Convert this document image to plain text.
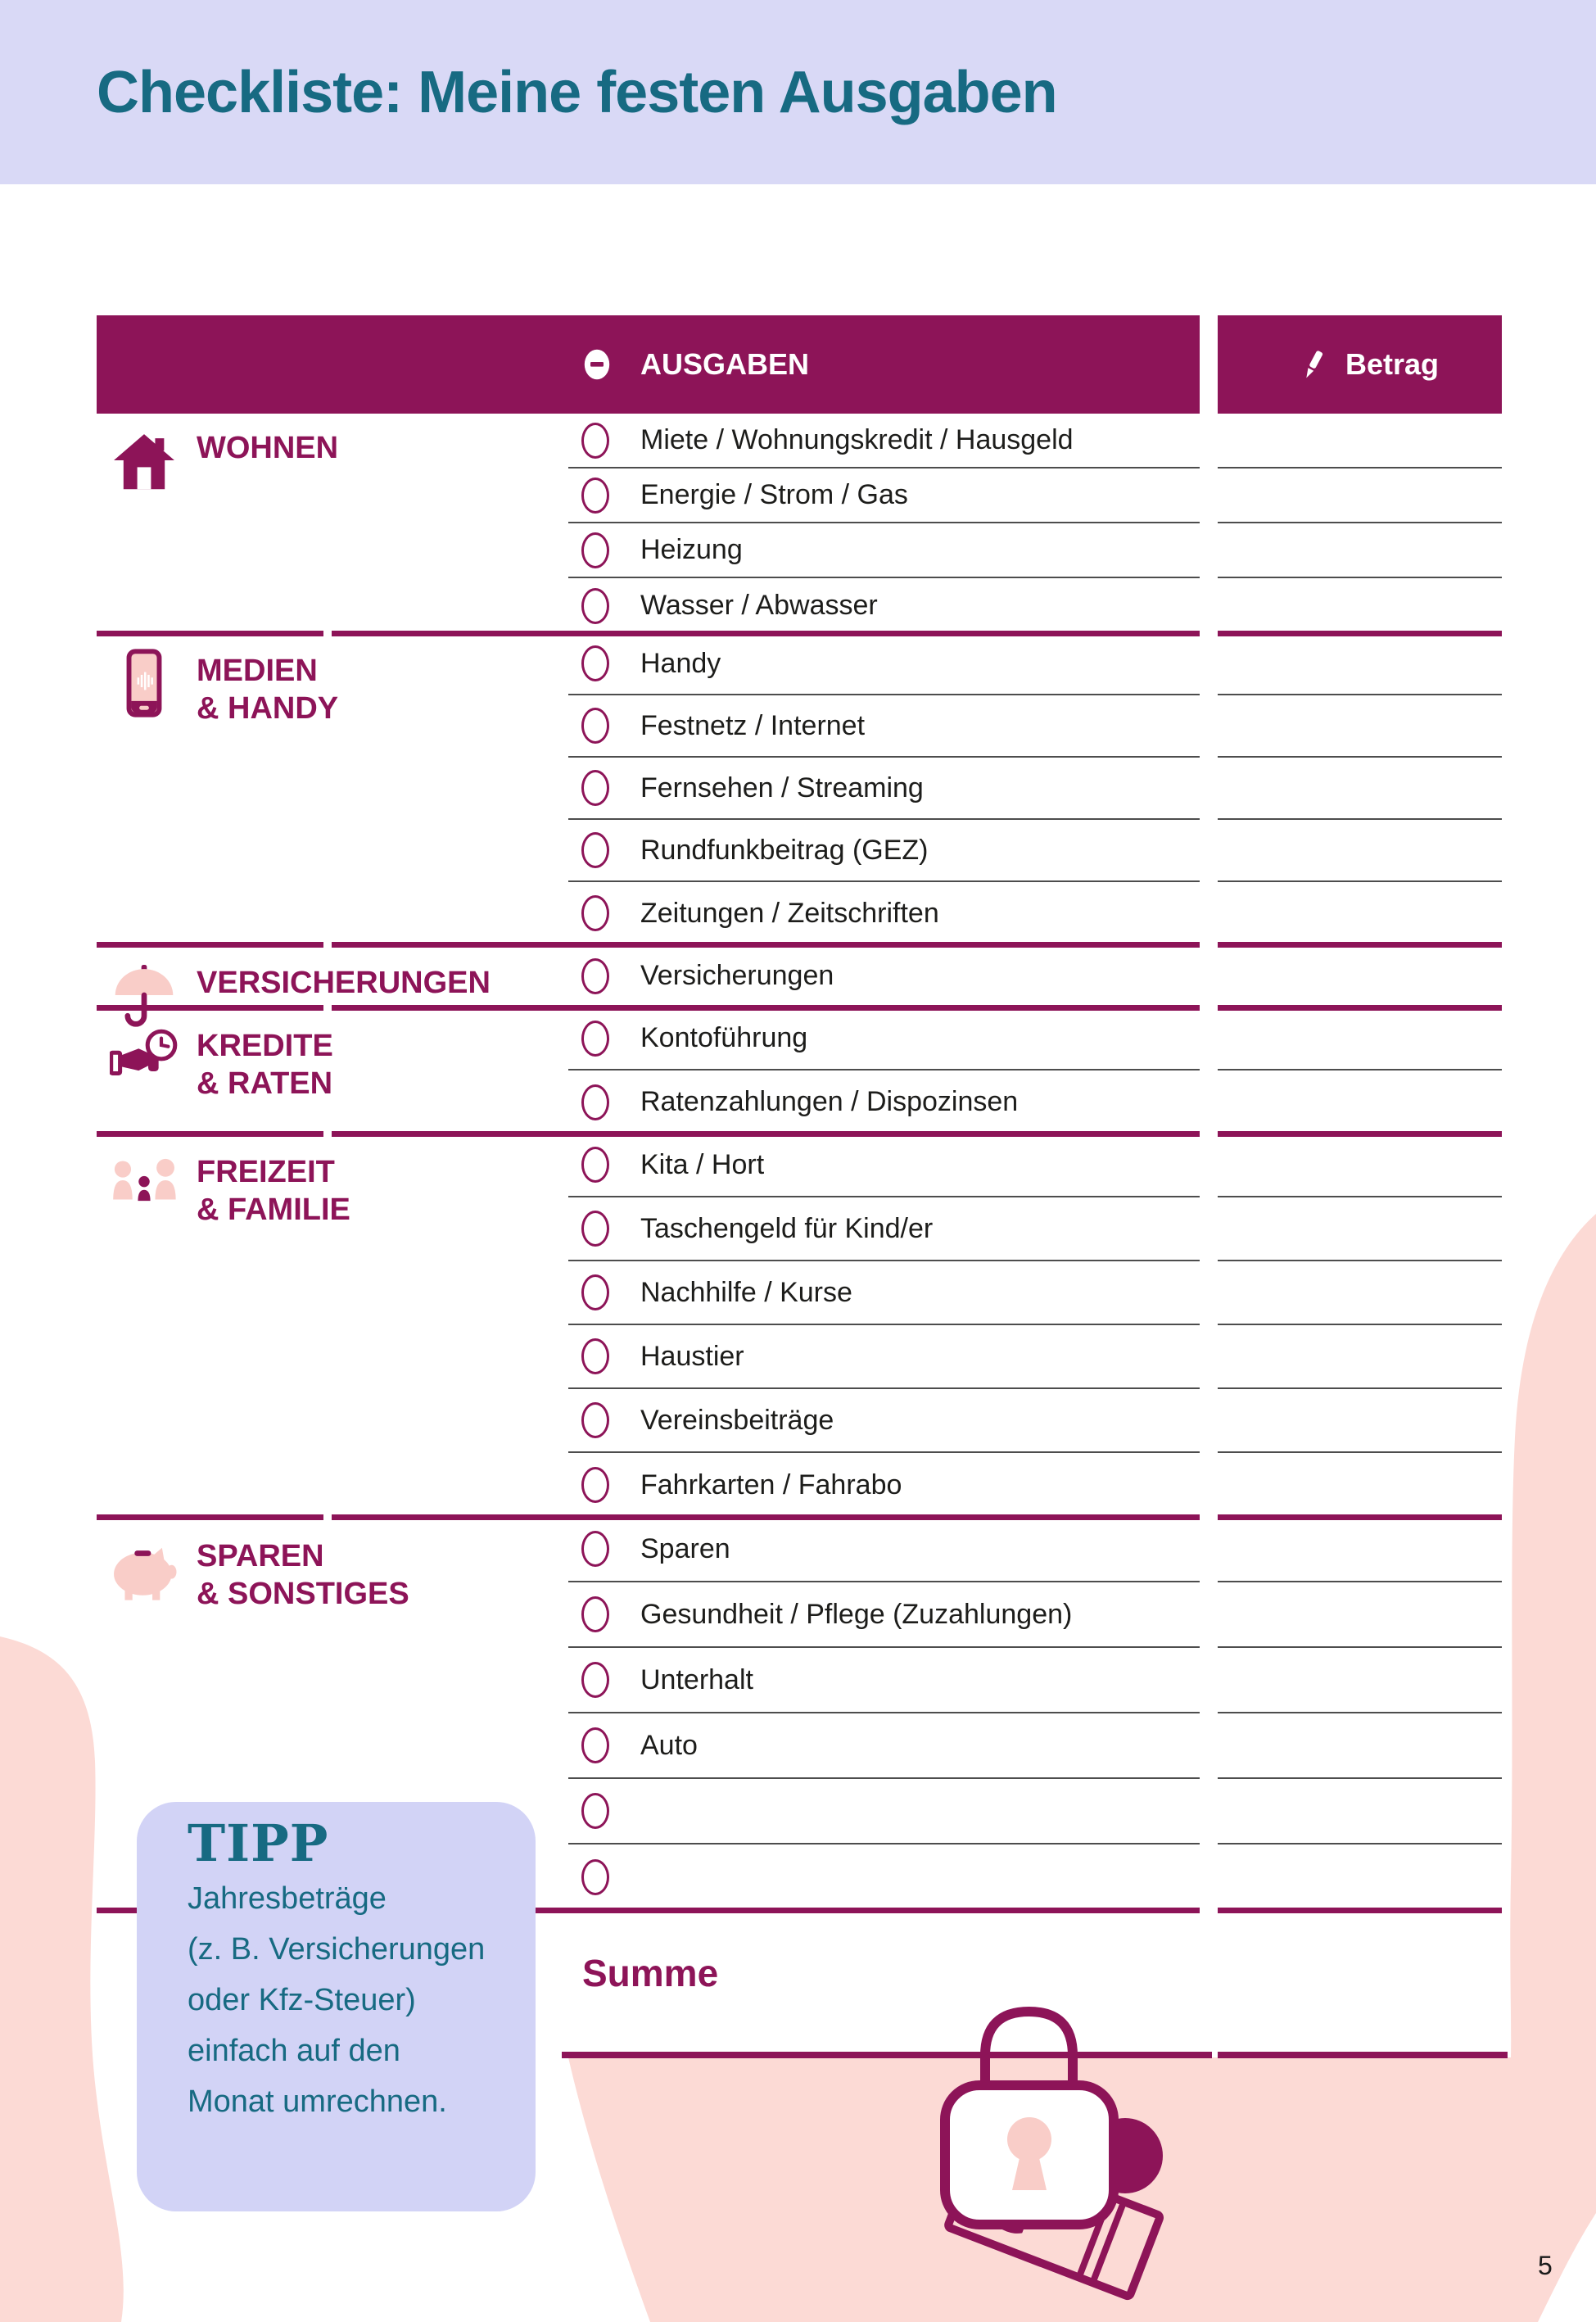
Checkliste: Meine festen Ausgaben
AUSGABEN	Betrag
WOHNEN	Miete / Wohnungskredit / Hausgeld
Energie / Strom / Gas
Heizung
Wasser / Abwasser
MEDIEN
& HANDY
Handy
Festnetz / Internet
Fernsehen / Streaming
Rundfunkbeitrag (GEZ)
Zeitungen / Zeitschriften
VERSICHERUNGEN	Versicherungen
KREDITE
& RATEN
Kontoführung
Ratenzahlungen / Dispozinsen
FREIZEIT
& FAMILIE
Kita / Hort
Taschengeld für Kind/er
Nachhilfe / Kurse
Haustier
Vereinsbeiträge
Fahrkarten / Fahrabo
SPAREN
& SONSTIGES
Sparen
Gesundheit / Pflege (Zuzahlungen)
Unterhalt
Auto
Summe
TIPP
Jahresbeträge
(z. B. Versicherungen
oder Kfz-Steuer)
einfach auf den
Monat umrechnen.
5
